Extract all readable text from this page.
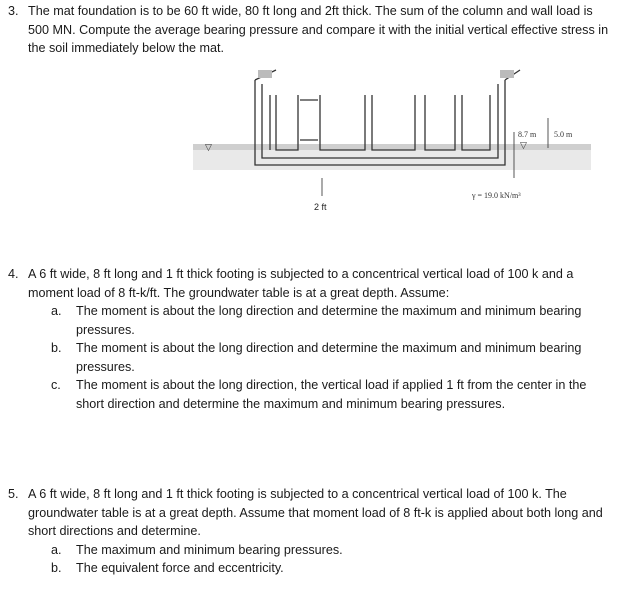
3. The mat foundation is to be 60 ft wide, 80 ft long and 2ft thick. The sum of the column and wall load is 500 MN. Compute the average bearing pressure and compare it with the initial vertical effective stress in the soil immediately below the mat.
▽	▽
8.7 m 5.0 m
γ = 19.0 kN/m³
2 ft
4. A 6 ft wide, 8 ft long and 1 ft thick footing is subjected to a concentrical vertical load of 100 k and a moment load of 8 ft-k/ft. The groundwater table is at a great depth. Assume:
a. The moment is about the long direction and determine the maximum and minimum bearing pressures.
b. The moment is about the long direction and determine the maximum and minimum bearing pressures.
c. The moment is about the long direction, the vertical load if applied 1 ft from the center in the short direction and determine the maximum and minimum bearing pressures.
5. A 6 ft wide, 8 ft long and 1 ft thick footing is subjected to a concentrical vertical load of 100 k. The groundwater table is at a great depth. Assume that moment load of 8 ft-k is applied about both long and short directions and determine.
a. The maximum and minimum bearing pressures.
b. The equivalent force and eccentricity.
